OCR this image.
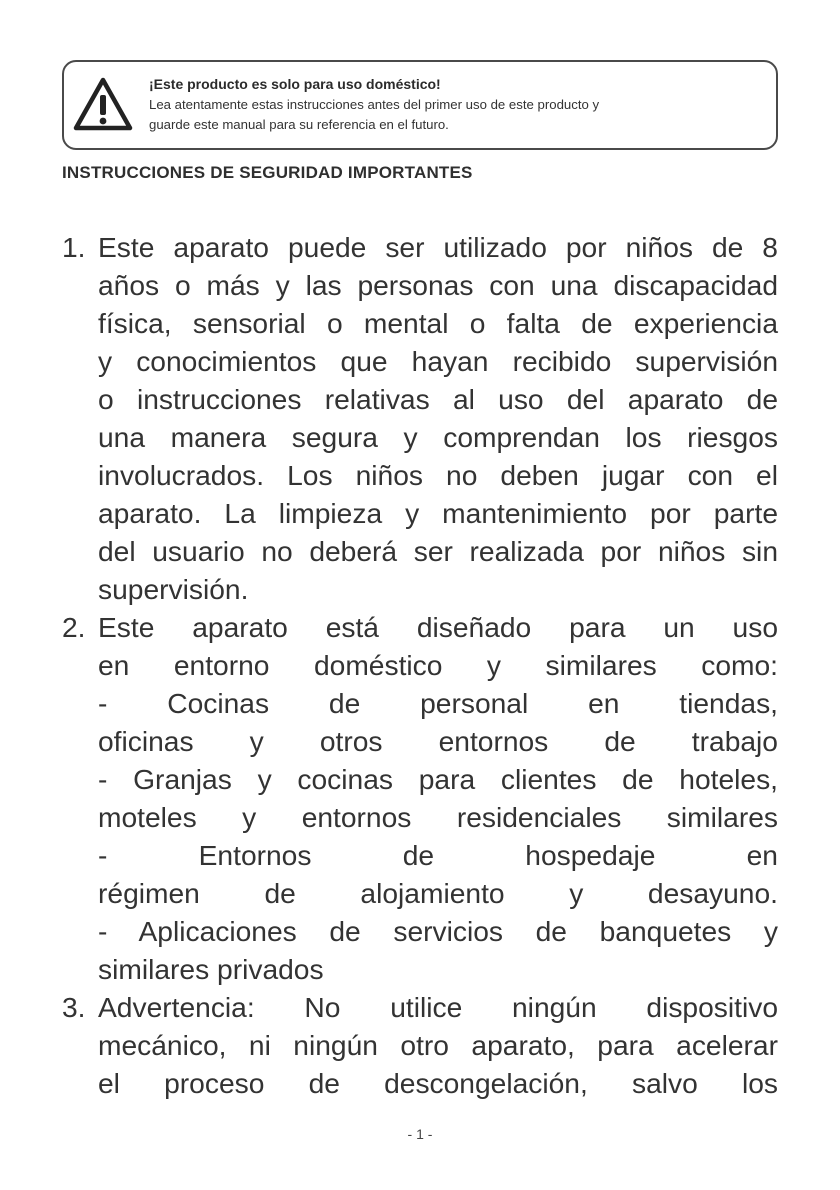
¡Este producto es solo para uso doméstico!
Lea atentamente estas instrucciones antes del primer uso de este producto y
guarde este manual para su referencia en el futuro.
INSTRUCCIONES DE SEGURIDAD IMPORTANTES
1. Este aparato puede ser utilizado por niños de 8
años o más y las personas con una discapacidad
física, sensorial o mental o falta de experiencia
y conocimientos que hayan recibido supervisión
o instrucciones relativas al uso del aparato de
una manera segura y comprendan los riesgos
involucrados. Los niños no deben jugar con el
aparato. La limpieza y mantenimiento por parte
del usuario no deberá ser realizada por niños sin
supervisión.
2. Este aparato está diseñado para un uso
en entorno doméstico y similares como:
- Cocinas de personal en tiendas,
oficinas y otros entornos de trabajo
- Granjas y cocinas para clientes de hoteles,
moteles y entornos residenciales similares
- Entornos de hospedaje en
régimen de alojamiento y desayuno.
- Aplicaciones de servicios de banquetes y
similares privados
3. Advertencia: No utilice ningún dispositivo
mecánico, ni ningún otro aparato, para acelerar
el proceso de descongelación, salvo los
- 1 -
